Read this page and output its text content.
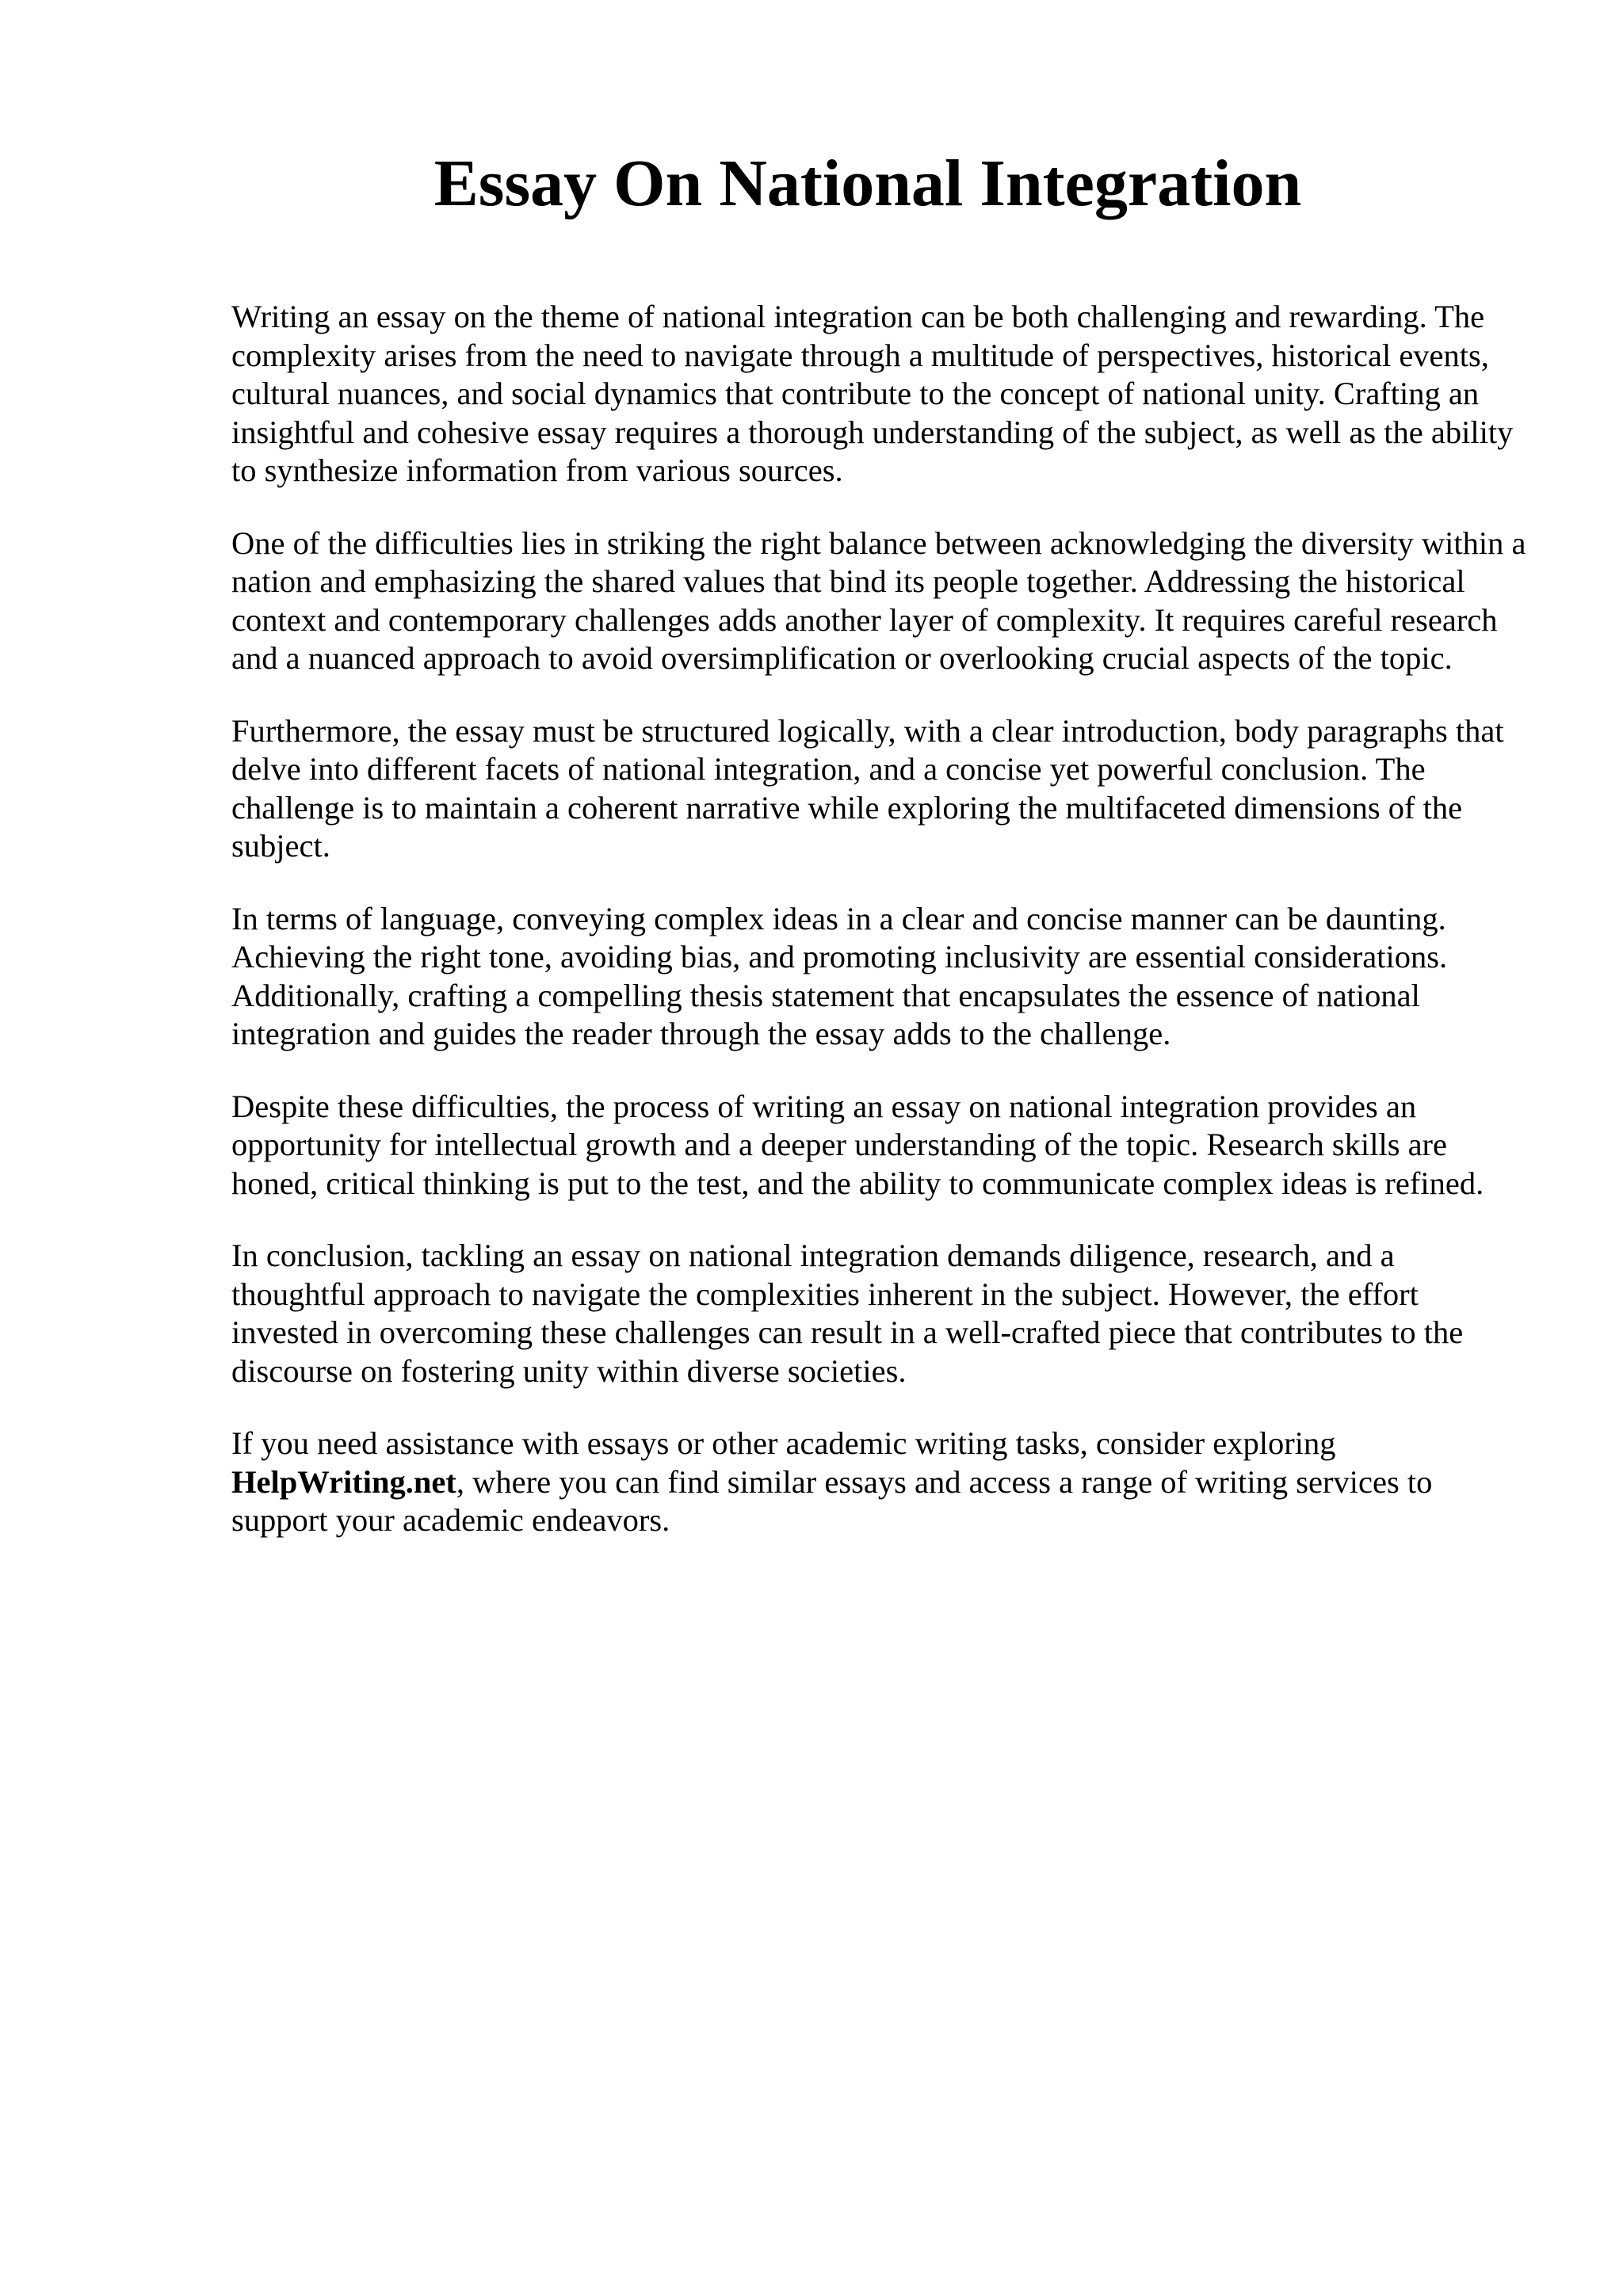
Essay On National Integration

Writing an essay on the theme of national integration can be both challenging and rewarding. The complexity arises from the need to navigate through a multitude of perspectives, historical events, cultural nuances, and social dynamics that contribute to the concept of national unity. Crafting an insightful and cohesive essay requires a thorough understanding of the subject, as well as the ability to synthesize information from various sources.

One of the difficulties lies in striking the right balance between acknowledging the diversity within a nation and emphasizing the shared values that bind its people together. Addressing the historical context and contemporary challenges adds another layer of complexity. It requires careful research and a nuanced approach to avoid oversimplification or overlooking crucial aspects of the topic.

Furthermore, the essay must be structured logically, with a clear introduction, body paragraphs that delve into different facets of national integration, and a concise yet powerful conclusion. The challenge is to maintain a coherent narrative while exploring the multifaceted dimensions of the subject.

In terms of language, conveying complex ideas in a clear and concise manner can be daunting. Achieving the right tone, avoiding bias, and promoting inclusivity are essential considerations. Additionally, crafting a compelling thesis statement that encapsulates the essence of national integration and guides the reader through the essay adds to the challenge.

Despite these difficulties, the process of writing an essay on national integration provides an opportunity for intellectual growth and a deeper understanding of the topic. Research skills are honed, critical thinking is put to the test, and the ability to communicate complex ideas is refined.

In conclusion, tackling an essay on national integration demands diligence, research, and a thoughtful approach to navigate the complexities inherent in the subject. However, the effort invested in overcoming these challenges can result in a well-crafted piece that contributes to the discourse on fostering unity within diverse societies.

If you need assistance with essays or other academic writing tasks, consider exploring HelpWriting.net, where you can find similar essays and access a range of writing services to support your academic endeavors.
